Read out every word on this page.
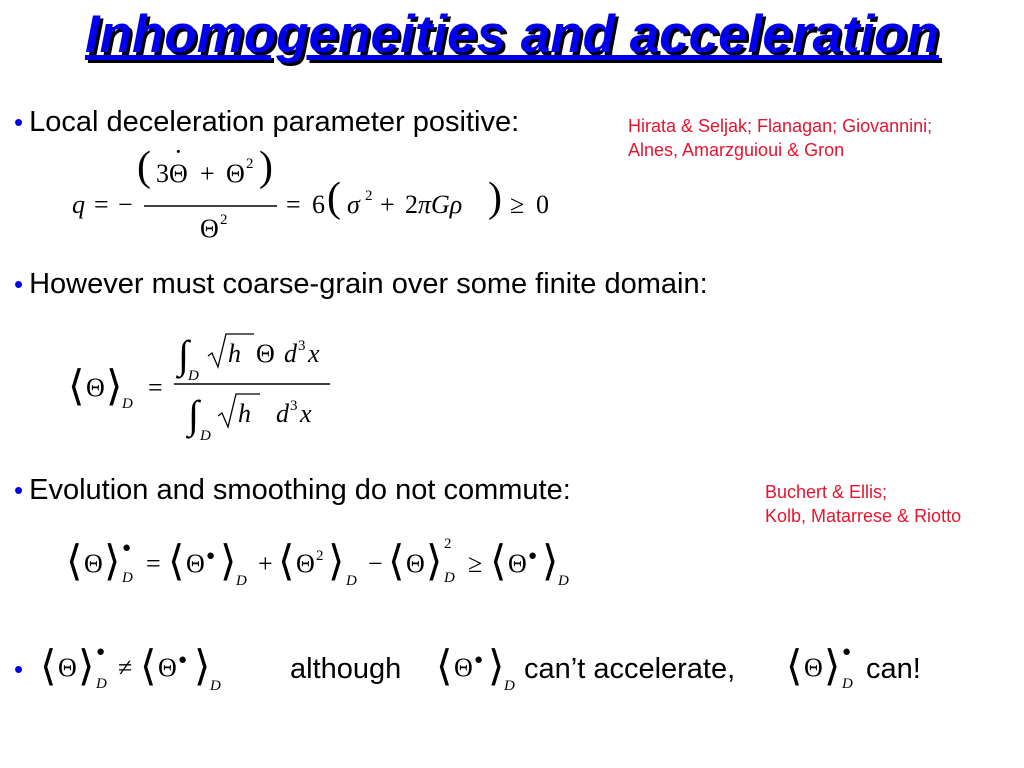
Inhomogeneities and acceleration
• Local deceleration parameter positive:	Hirata & Seljak; Flanagan; Giovannini;
Alnes, Amarzguioui & Gron
q = −
( 3Θ
·
+ Θ 2 )
Θ 2
= 6 ( σ 2 + 2 πGρ ) ≥ 0
• However must coarse-grain over some finite domain:
⟨ Θ ⟩ D
=
∫ D
h Θ d 3 x
∫ D
h d 3 x
• Evolution and smoothing do not commute:	Buchert & Ellis;
Kolb, Matarrese & Riotto
⟨ Θ ⟩ ●
D = ⟨ Θ ● ⟩ D
+ ⟨ Θ 2 ⟩ D
− ⟨ Θ ⟩ 2
D ≥ ⟨ Θ ● ⟩ D
• ⟨ Θ ⟩ ●
D
≠ ⟨ Θ ● ⟩ D
although ⟨ Θ ● ⟩ D
can’t accelerate, ⟨ Θ ⟩ ●
D can!
